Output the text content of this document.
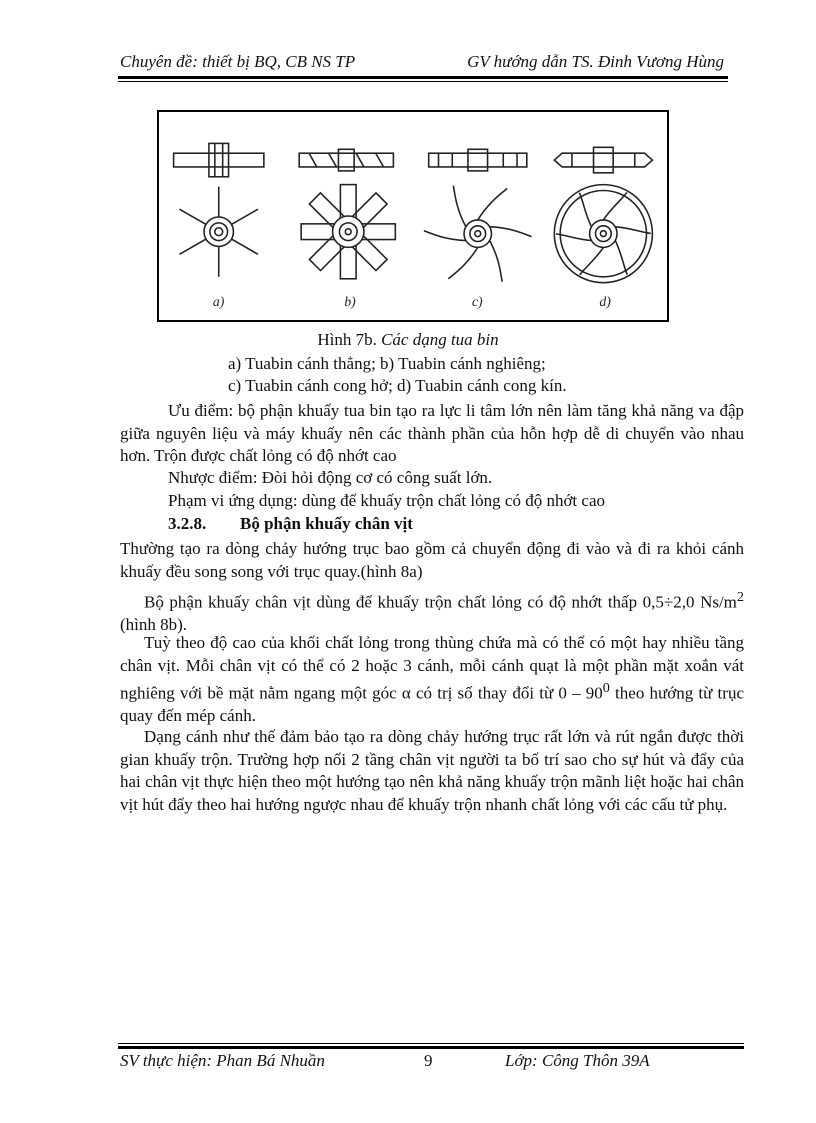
Chuyên đề: thiết bị BQ, CB NS TP	GV hướng dẫn TS. Đinh Vương Hùng
a)	b)	c)	d)
Hình 7b. Các dạng tua bin
a) Tuabin cánh thẳng; b) Tuabin cánh nghiêng;
c) Tuabin cánh cong hở; d) Tuabin cánh cong kín.
Ưu điểm: bộ phận khuấy tua bin tạo ra lực li tâm lớn nên làm tăng khả năng va đập giữa nguyên liệu và máy khuấy nên các thành phần của hỗn hợp dễ di chuyển vào nhau hơn. Trộn được chất lỏng có độ nhớt cao
Nhược điểm: Đòi hỏi động cơ có công suất lớn.
Phạm vi ứng dụng: dùng để khuấy trộn chất lỏng có độ nhớt cao
3.2.8. Bộ phận khuấy chân vịt
Thường tạo ra dòng chảy hướng trục bao gồm cả chuyển động đi vào và đi ra khỏi cánh khuấy đều song song với trục quay.(hình 8a)
Bộ phận khuấy chân vịt dùng để khuấy trộn chất lỏng có độ nhớt thấp 0,5÷2,0 $Ns/m^2$ (hình 8b).
Tuỳ theo độ cao của khối chất lỏng trong thùng chứa mà có thể có một hay nhiều tầng chân vịt. Mỗi chân vịt có thể có 2 hoặc 3 cánh, mỗi cánh quạt là một phần mặt xoắn vát nghiêng với bề mặt nằm ngang một góc α có trị số thay đổi từ $0 - 90^0$ theo hướng từ trục quay đến mép cánh.
Dạng cánh như thế đảm bảo tạo ra dòng chảy hướng trục rất lớn và rút ngắn được thời gian khuấy trộn. Trường hợp nối 2 tầng chân vịt người ta bố trí sao cho sự hút và đẩy của hai chân vịt thực hiện theo một hướng tạo nên khả năng khuấy trộn mãnh liệt hoặc hai chân vịt hút đẩy theo hai hướng ngược nhau để khuấy trộn nhanh chất lỏng với các cấu tử phụ.
SV thực hiện: Phan Bá Nhuần	9	Lớp: Công Thôn 39A
